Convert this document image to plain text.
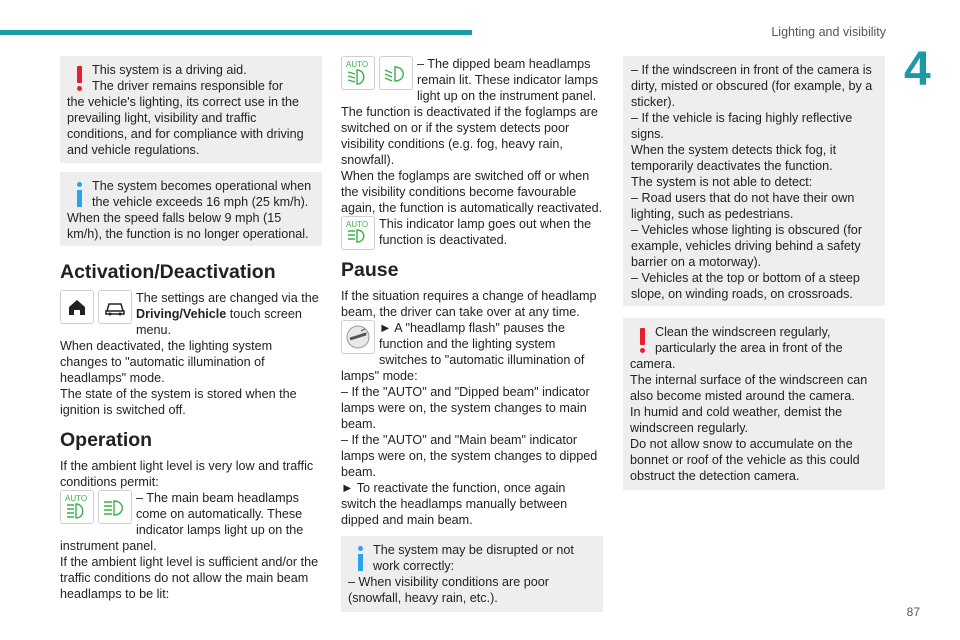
Lighting and visibility
4

This system is a driving aid.
The driver remains responsible for
the vehicle's lighting, its correct use in the prevailing light, visibility and traffic conditions, and for compliance with driving and vehicle regulations.

The system becomes operational when the vehicle exceeds 16 mph (25 km/h).
When the speed falls below 9 mph (15 km/h), the function is no longer operational.

Activation/Deactivation

The settings are changed via the Driving/Vehicle touch screen menu.

When deactivated, the lighting system changes to "automatic illumination of headlamps" mode.
The state of the system is stored when the ignition is switched off.

Operation

If the ambient light level is very low and traffic conditions permit:

AUTO	– The main beam headlamps come on automatically. These indicator lamps light up on the instrument panel.

If the ambient light level is sufficient and/or the traffic conditions do not allow the main beam headlamps to be lit:

AUTO	– The dipped beam headlamps remain lit. These indicator lamps light up on the instrument panel.

The function is deactivated if the foglamps are switched on or if the system detects poor visibility conditions (e.g. fog, heavy rain, snowfall).
When the foglamps are switched off or when the visibility conditions become favourable again, the function is automatically reactivated.

AUTO This indicator lamp goes out when the function is deactivated.

Pause

If the situation requires a change of headlamp beam, the driver can take over at any time.

► A "headlamp flash" pauses the function and the lighting system switches to "automatic illumination of lamps" mode:

– If the "AUTO" and "Dipped beam" indicator lamps were on, the system changes to main beam.
– If the "AUTO" and "Main beam" indicator lamps were on, the system changes to dipped beam.
► To reactivate the function, once again switch the headlamps manually between dipped and main beam.

The system may be disrupted or not work correctly:
– When visibility conditions are poor (snowfall, heavy rain, etc.).

– If the windscreen in front of the camera is dirty, misted or obscured (for example, by a sticker).
– If the vehicle is facing highly reflective signs.
When the system detects thick fog, it temporarily deactivates the function.
The system is not able to detect:
– Road users that do not have their own lighting, such as pedestrians.
– Vehicles whose lighting is obscured (for example, vehicles driving behind a safety barrier on a motorway).
– Vehicles at the top or bottom of a steep slope, on winding roads, on crossroads.

Clean the windscreen regularly, particularly the area in front of the camera.
The internal surface of the windscreen can also become misted around the camera.
In humid and cold weather, demist the windscreen regularly.
Do not allow snow to accumulate on the bonnet or roof of the vehicle as this could obstruct the detection camera.

87
